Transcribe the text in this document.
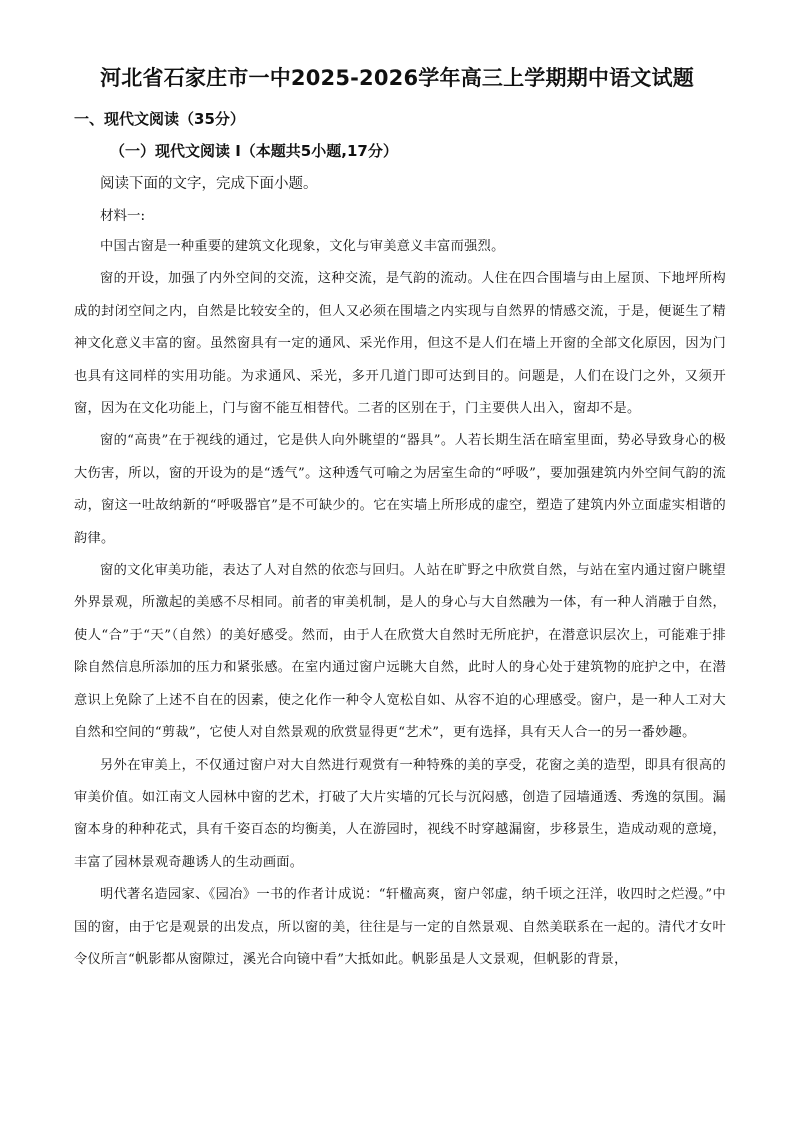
河北省石家庄市一中2025-2026学年高三上学期期中语文试题
一、现代文阅读（35分）
（一）现代文阅读 I（本题共5小题,17分）
阅读下面的文字，完成下面小题。
材料一:

中国古窗是一种重要的建筑文化现象，文化与审美意义丰富而强烈。

窗的开设，加强了内外空间的交流，这种交流，是气韵的流动。人住在四合围墙与由上屋顶、下地坪所构成的封闭空间之内，自然是比较安全的，但人又必须在围墙之内实现与自然界的情感交流，于是，便诞生了精神文化意义丰富的窗。虽然窗具有一定的通风、采光作用，但这不是人们在墙上开窗的全部文化原因，因为门也具有这同样的实用功能。为求通风、采光，多开几道门即可达到目的。问题是，人们在设门之外，又须开窗，因为在文化功能上，门与窗不能互相替代。二者的区别在于，门主要供人出入，窗却不是。

窗的“高贵”在于视线的通过，它是供人向外眺望的“器具”。人若长期生活在暗室里面，势必导致身心的极大伤害，所以，窗的开设为的是“透气”。这种透气可喻之为居室生命的“呼吸”，要加强建筑内外空间气韵的流动，窗这一吐故纳新的“呼吸器官”是不可缺少的。它在实墙上所形成的虚空，塑造了建筑内外立面虚实相谐的韵律。

窗的文化审美功能，表达了人对自然的依恋与回归。人站在旷野之中欣赏自然，与站在室内通过窗户眺望外界景观，所激起的美感不尽相同。前者的审美机制，是人的身心与大自然融为一体，有一种人消融于自然，使人“合”于“天”（自然）的美好感受。然而，由于人在欣赏大自然时无所庇护，在潜意识层次上，可能难于排除自然信息所添加的压力和紧张感。在室内通过窗户远眺大自然，此时人的身心处于建筑物的庇护之中，在潜意识上免除了上述不自在的因素，使之化作一种令人宽松自如、从容不迫的心理感受。窗户，是一种人工对大自然和空间的“剪裁”，它使人对自然景观的欣赏显得更“艺术”，更有选择，具有天人合一的另一番妙趣。

另外在审美上，不仅通过窗户对大自然进行观赏有一种特殊的美的享受，花窗之美的造型，即具有很高的审美价值。如江南文人园林中窗的艺术，打破了大片实墙的冗长与沉闷感，创造了园墙通透、秀逸的氛围。漏窗本身的种种花式，具有千姿百态的均衡美，人在游园时，视线不时穿越漏窗，步移景生，造成动观的意境，丰富了园林景观奇趣诱人的生动画面。

明代著名造园家、《园冶》一书的作者计成说：“轩楹高爽，窗户邻虚，纳千顷之汪洋，收四时之烂漫。”中国的窗，由于它是观景的出发点，所以窗的美，往往是与一定的自然景观、自然美联系在一起的。清代才女叶令仪所言“帆影都从窗隙过，溪光合向镜中看”大抵如此。帆影虽是人文景观，但帆影的背景，
